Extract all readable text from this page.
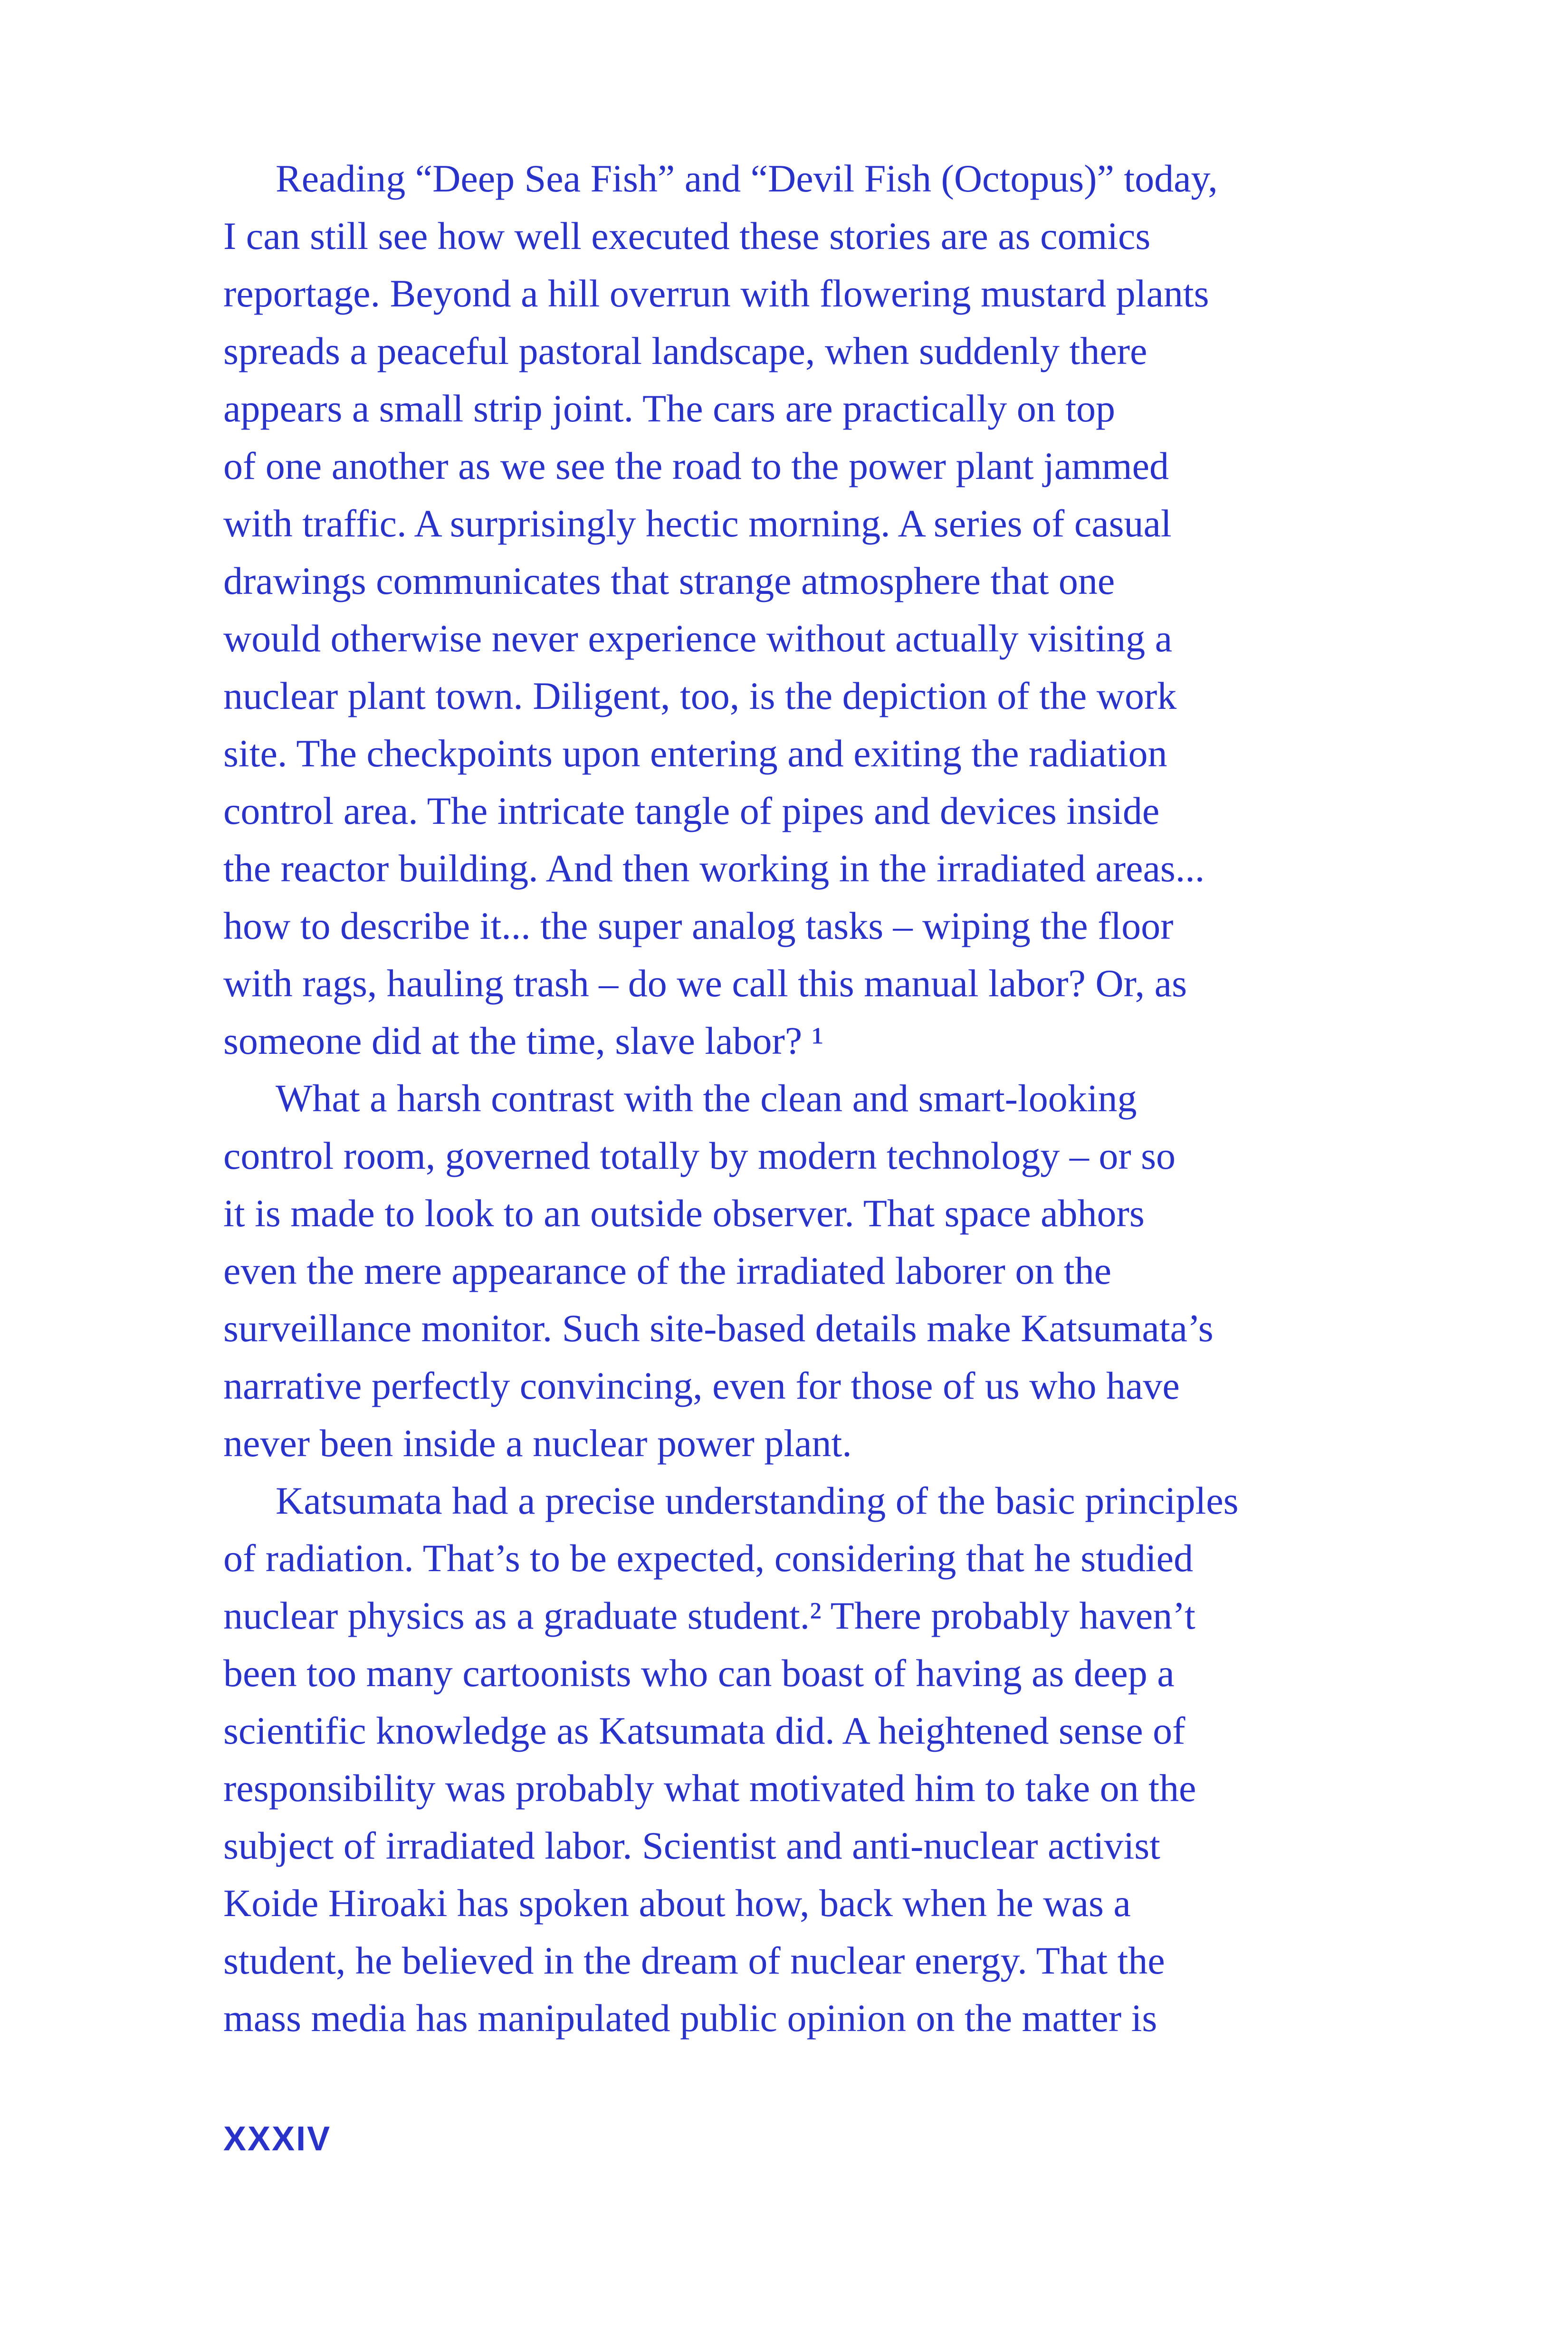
Reading “Deep Sea Fish” and “Devil Fish (Octopus)” today,
I can still see how well executed these stories are as comics
reportage. Beyond a hill overrun with flowering mustard plants
spreads a peaceful pastoral landscape, when suddenly there
appears a small strip joint. The cars are practically on top
of one another as we see the road to the power plant jammed
with traffic. A surprisingly hectic morning. A series of casual
drawings communicates that strange atmosphere that one
would otherwise never experience without actually visiting a
nuclear plant town. Diligent, too, is the depiction of the work
site. The checkpoints upon entering and exiting the radiation
control area. The intricate tangle of pipes and devices inside
the reactor building. And then working in the irradiated areas...
how to describe it... the super analog tasks – wiping the floor
with rags, hauling trash – do we call this manual labor? Or, as
someone did at the time, slave labor? ¹

What a harsh contrast with the clean and smart-looking
control room, governed totally by modern technology – or so
it is made to look to an outside observer. That space abhors
even the mere appearance of the irradiated laborer on the
surveillance monitor. Such site-based details make Katsumata’s
narrative perfectly convincing, even for those of us who have
never been inside a nuclear power plant.

Katsumata had a precise understanding of the basic principles
of radiation. That’s to be expected, considering that he studied
nuclear physics as a graduate student.² There probably haven’t
been too many cartoonists who can boast of having as deep a
scientific knowledge as Katsumata did. A heightened sense of
responsibility was probably what motivated him to take on the
subject of irradiated labor. Scientist and anti-nuclear activist
Koide Hiroaki has spoken about how, back when he was a
student, he believed in the dream of nuclear energy. That the
mass media has manipulated public opinion on the matter is

XXXIV
